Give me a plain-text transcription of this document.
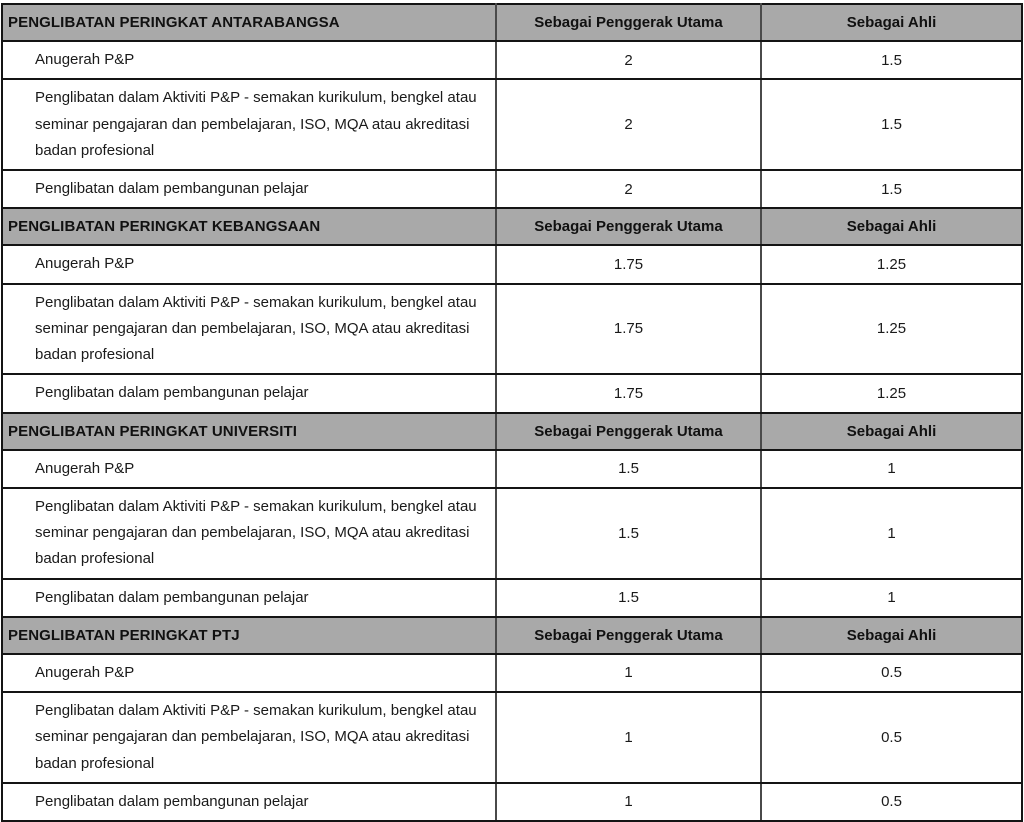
PENGLIBATAN PERINGKAT ANTARABANGSA	Sebagai Penggerak Utama	Sebagai Ahli
Anugerah P&P	2	1.5
Penglibatan dalam Aktiviti P&P - semakan kurikulum, bengkel atau seminar pengajaran dan pembelajaran, ISO, MQA atau akreditasi badan profesional	2	1.5
Penglibatan dalam pembangunan pelajar	2	1.5
PENGLIBATAN PERINGKAT KEBANGSAAN	Sebagai Penggerak Utama	Sebagai Ahli
Anugerah P&P	1.75	1.25
Penglibatan dalam Aktiviti P&P - semakan kurikulum, bengkel atau seminar pengajaran dan pembelajaran, ISO, MQA atau akreditasi badan profesional	1.75	1.25
Penglibatan dalam pembangunan pelajar	1.75	1.25
PENGLIBATAN PERINGKAT UNIVERSITI	Sebagai Penggerak Utama	Sebagai Ahli
Anugerah P&P	1.5	1
Penglibatan dalam Aktiviti P&P - semakan kurikulum, bengkel atau seminar pengajaran dan pembelajaran, ISO, MQA atau akreditasi badan profesional	1.5	1
Penglibatan dalam pembangunan pelajar	1.5	1
PENGLIBATAN PERINGKAT PTJ	Sebagai Penggerak Utama	Sebagai Ahli
Anugerah P&P	1	0.5
Penglibatan dalam Aktiviti P&P - semakan kurikulum, bengkel atau seminar pengajaran dan pembelajaran, ISO, MQA atau akreditasi badan profesional	1	0.5
Penglibatan dalam pembangunan pelajar	1	0.5
